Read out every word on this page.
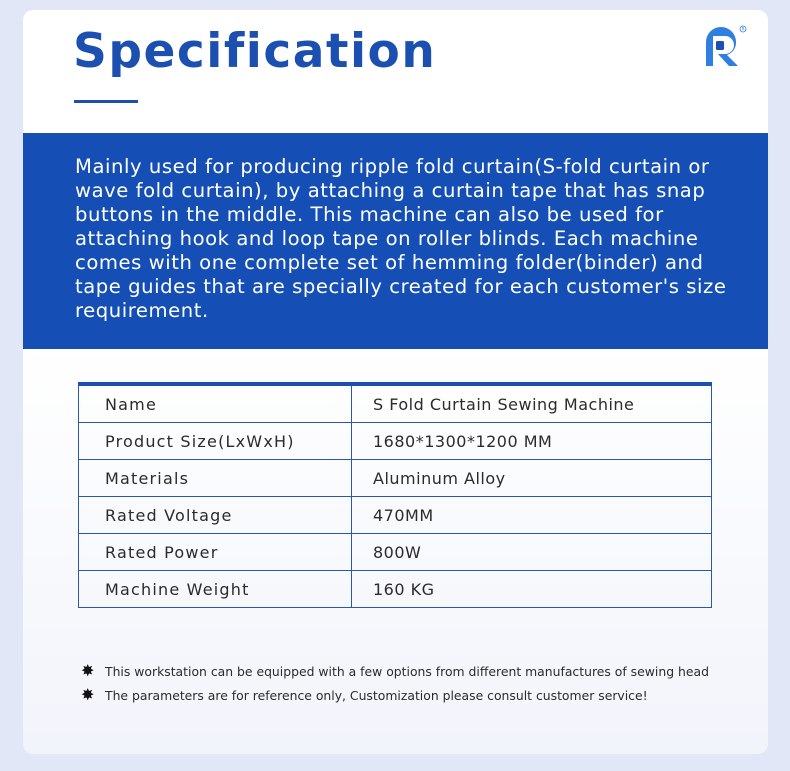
Specification	R

Mainly used for producing ripple fold curtain(S-fold curtain or wave fold curtain), by attaching a curtain tape that has snap buttons in the middle. This machine can also be used for attaching hook and loop tape on roller blinds. Each machine comes with one complete set of hemming folder(binder) and tape guides that are specially created for each customer's size requirement.

Name	S Fold Curtain Sewing Machine
Product Size(LxWxH)	1680*1300*1200 MM
Materials	Aluminum Alloy
Rated Voltage	470MM
Rated Power	800W
Machine Weight	160 KG
✸ This workstation can be equipped with a few options from different manufactures of sewing head
✸ The parameters are for reference only, Customization please consult customer service!
